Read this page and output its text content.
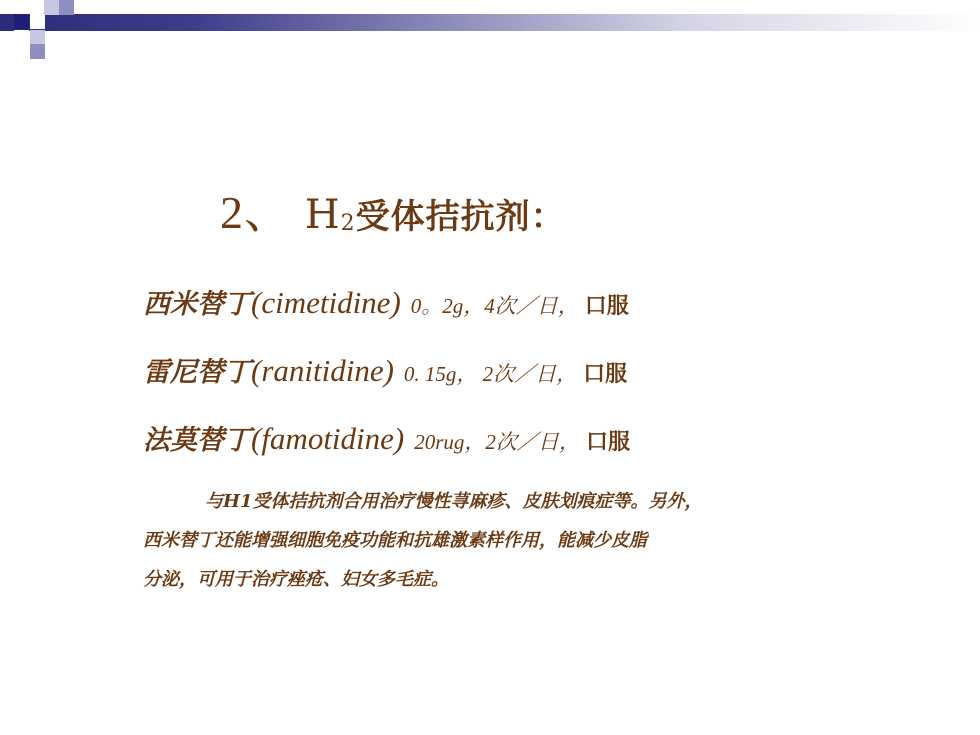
2、 $H_2$受体拮抗剂：
西米替丁(cimetidine) 0。2g，4次／日， 口服
雷尼替丁(ranitidine) 0. 15g， 2次／日， 口服
法莫替丁(famotidine) 20rug，2次／日， 口服
与H1受体拮抗剂合用治疗慢性荨麻疹、皮肤划痕症等。另外，
西米替丁还能增强细胞免疫功能和抗雄激素样作用，能减少皮脂
分泌，可用于治疗痤疮、妇女多毛症。
